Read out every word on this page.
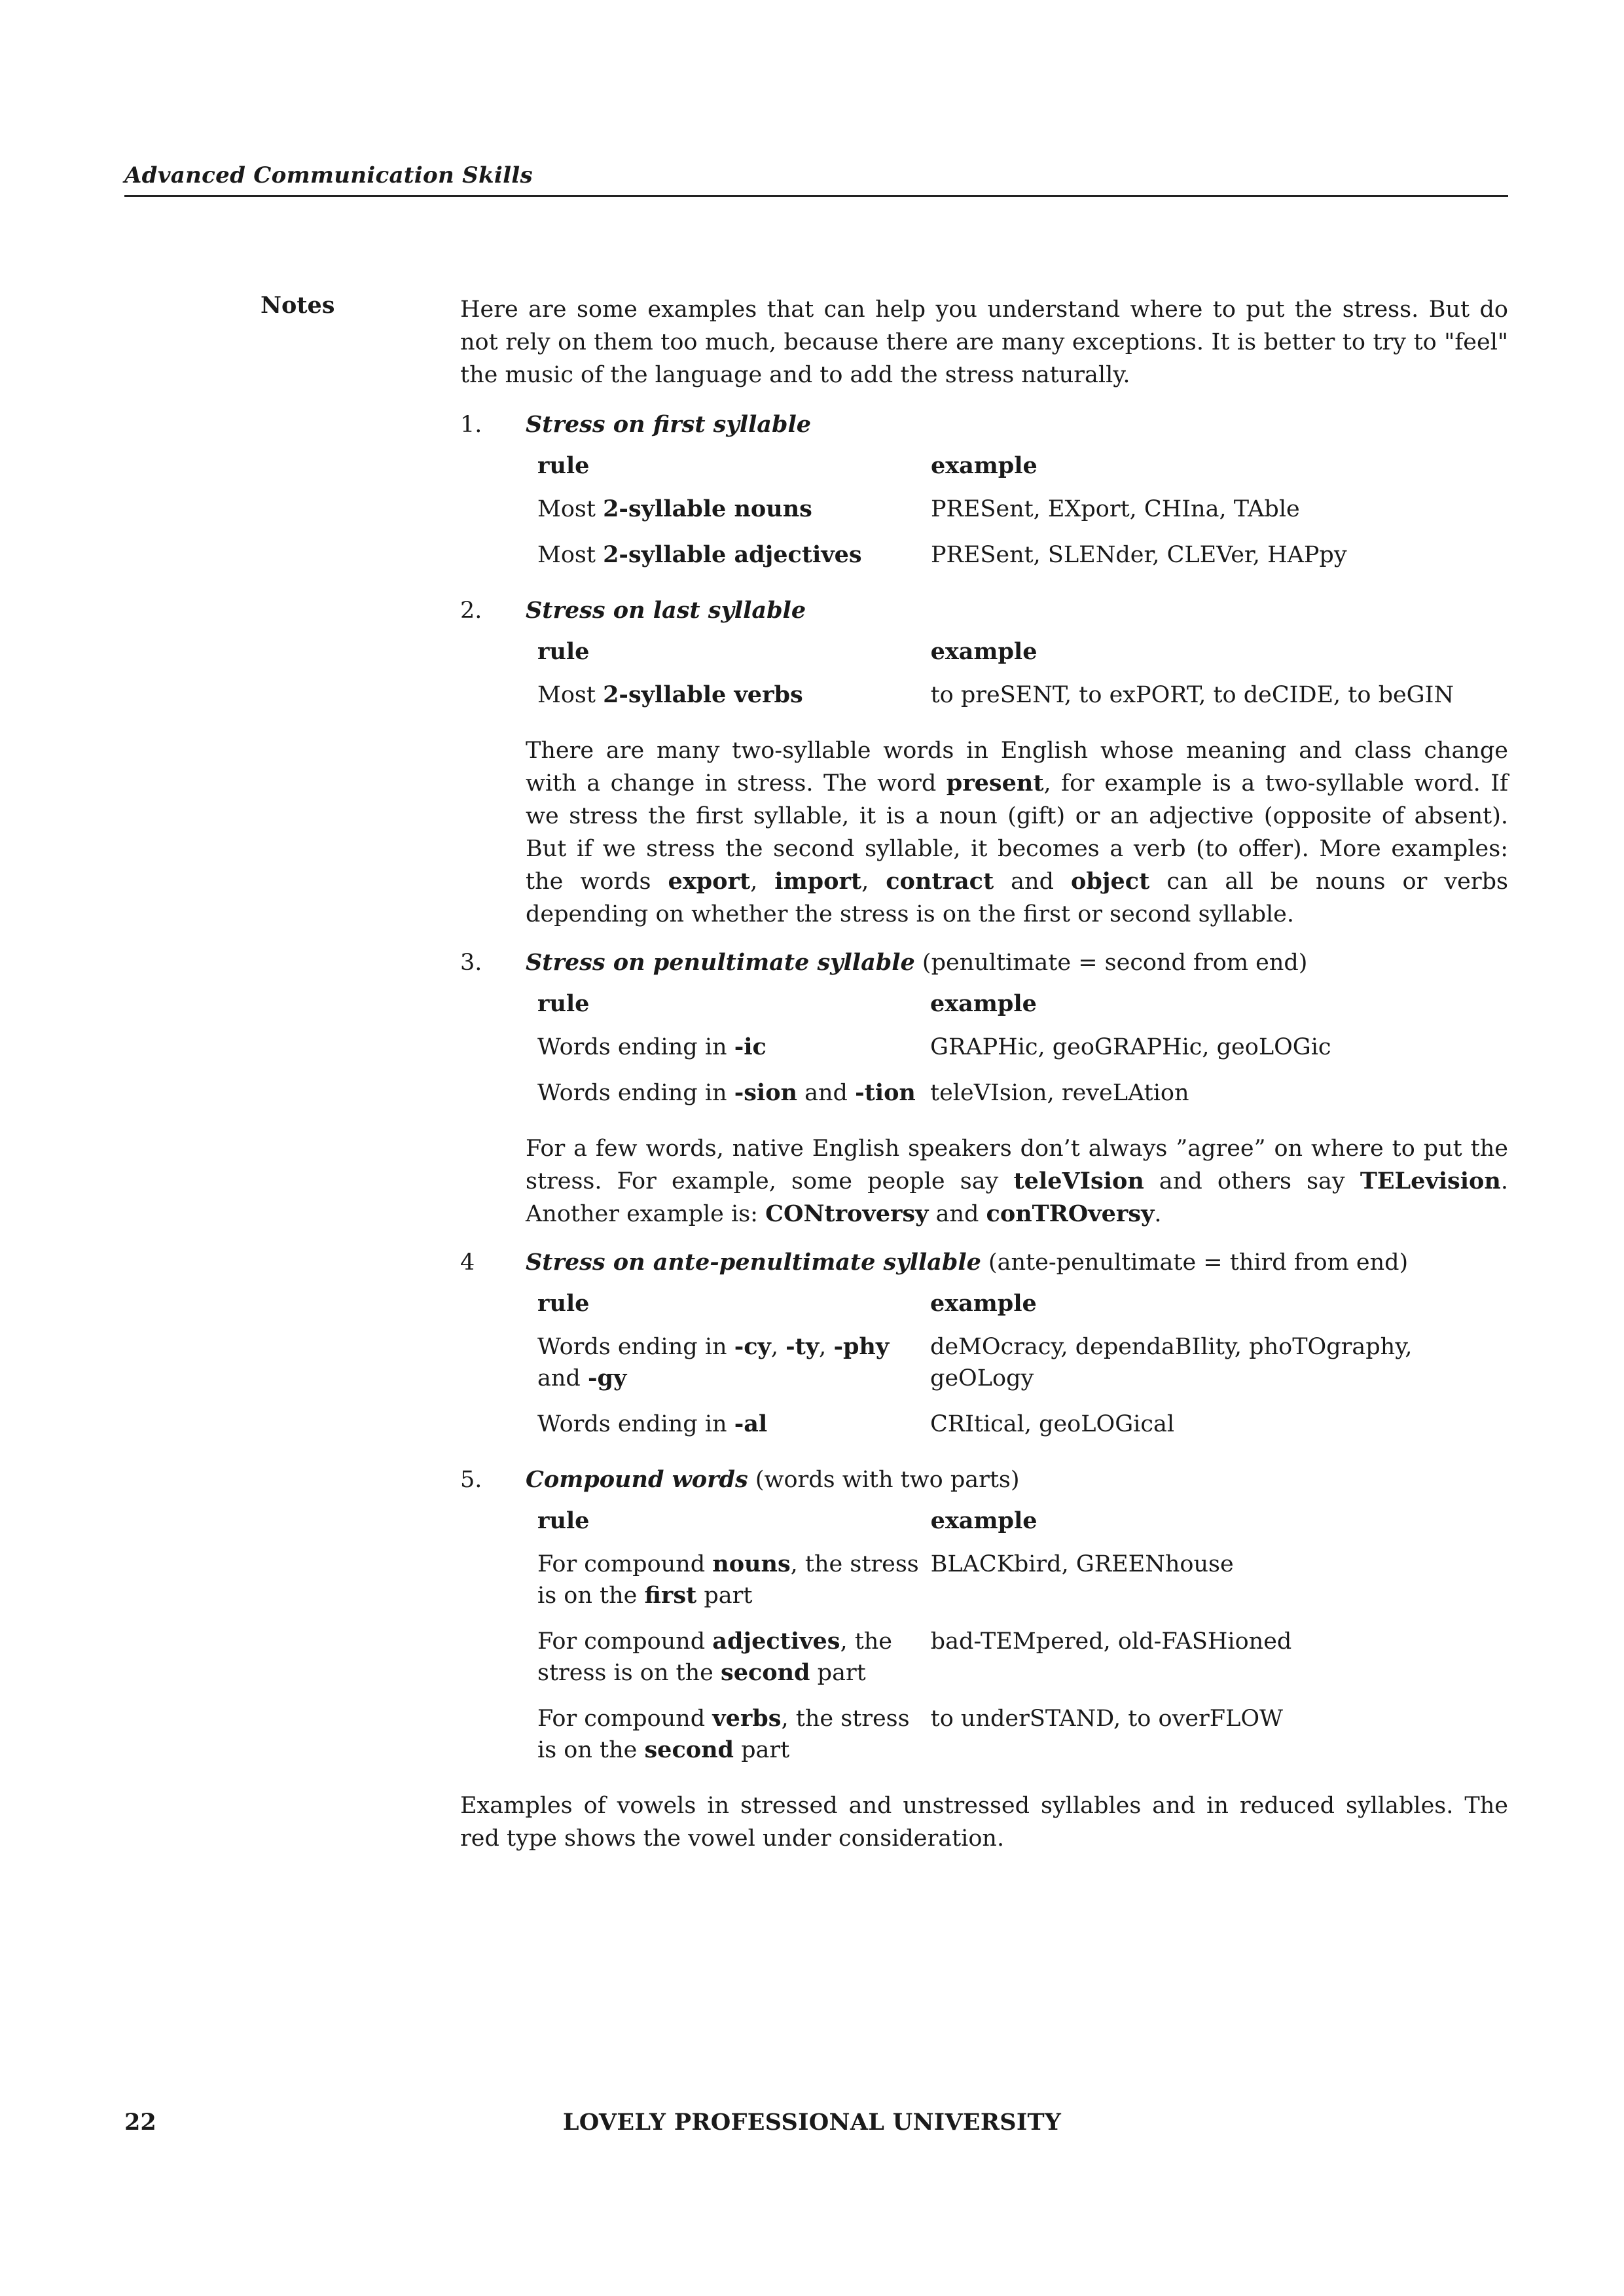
Advanced Communication Skills
Notes	Here are some examples that can help you understand where to put the stress. But do not rely on them too much, because there are many exceptions. It is better to try to "feel" the music of the language and to add the stress naturally.

1.	Stress on first syllable
rule	example
Most 2-syllable nouns	PRESent, EXport, CHIna, TAble
Most 2-syllable adjectives	PRESent, SLENder, CLEVer, HAPpy
2.	Stress on last syllable
rule	example
Most 2-syllable verbs	to preSENT, to exPORT, to deCIDE, to beGIN

There are many two-syllable words in English whose meaning and class change with a change in stress. The word present, for example is a two-syllable word. If we stress the first syllable, it is a noun (gift) or an adjective (opposite of absent). But if we stress the second syllable, it becomes a verb (to offer). More examples: the words export, import, contract and object can all be nouns or verbs depending on whether the stress is on the first or second syllable.

3.	Stress on penultimate syllable (penultimate = second from end)
rule	example
Words ending in -ic	GRAPHic, geoGRAPHic, geoLOGic
Words ending in -sion and -tion	teleVIsion, reveLAtion

For a few words, native English speakers don’t always ”agree” on where to put the stress. For example, some people say teleVIsion and others say TELevision. Another example is: CONtroversy and conTROversy.

4	Stress on ante-penultimate syllable (ante-penultimate = third from end)
rule	example
Words ending in -cy, -ty, -phy and -gy	deMOcracy, dependaBIlity, phoTOgraphy, geOLogy
Words ending in -al	CRItical, geoLOGical
5.	Compound words (words with two parts)
rule	example
For compound nouns, the stress is on the first part	BLACKbird, GREENhouse
For compound adjectives, the stress is on the second part	bad-TEMpered, old-FASHioned
For compound verbs, the stress is on the second part	to underSTAND, to overFLOW

Examples of vowels in stressed and unstressed syllables and in reduced syllables. The red type shows the vowel under consideration.

22	LOVELY PROFESSIONAL UNIVERSITY
